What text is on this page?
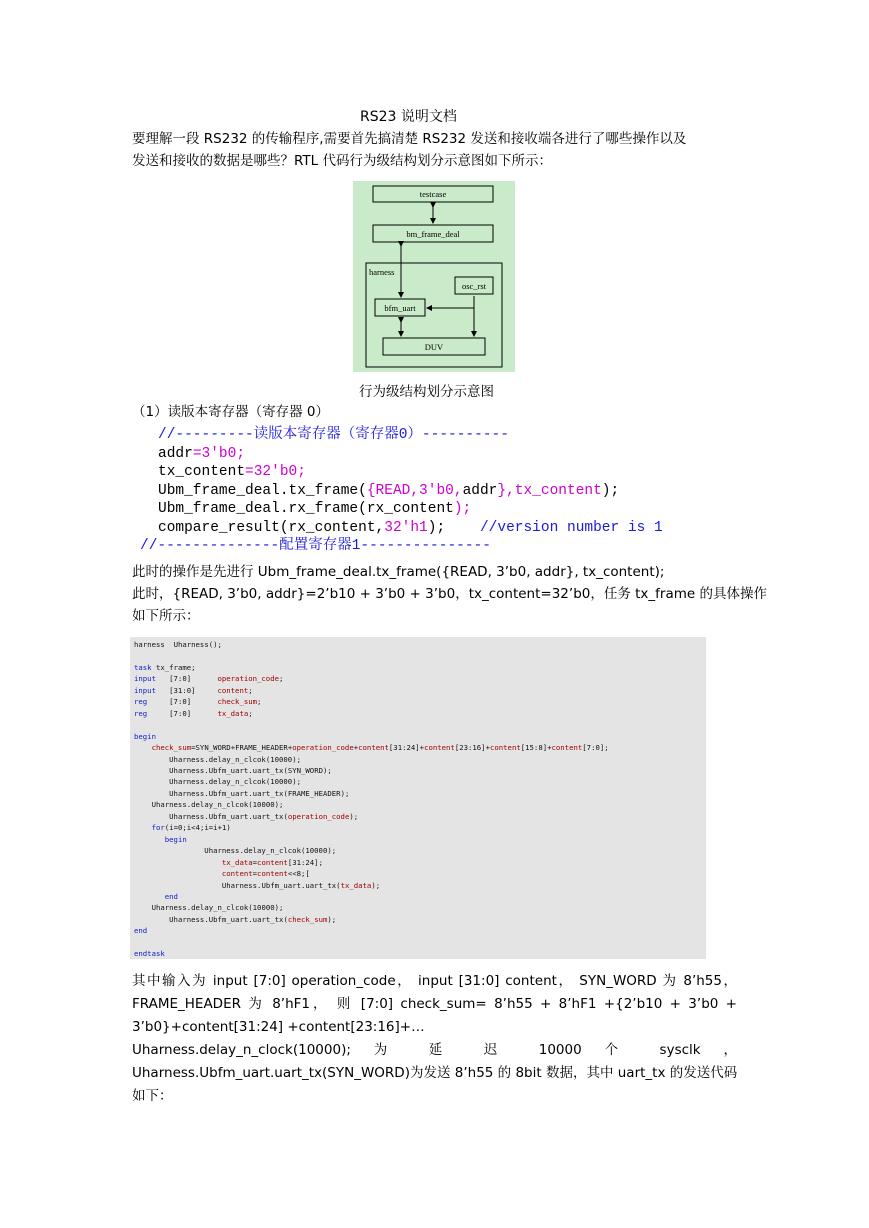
RS23 说明文档
要理解一段 RS232 的传输程序,需要首先搞清楚 RS232 发送和接收端各进行了哪些操作以及
发送和接收的数据是哪些？RTL 代码行为级结构划分示意图如下所示：
testcase
bm_frame_deal
harness
osc_rst
bfm_uart
DUV
行为级结构划分示意图
（1）读版本寄存器（寄存器 0）
//---------读版本寄存器（寄存器0）----------
addr=3'b0;
tx_content=32'b0;
Ubm_frame_deal.tx_frame({READ,3'b0,addr},tx_content);
Ubm_frame_deal.rx_frame(rx_content);
compare_result(rx_content,32'h1);    //version number is 1
//--------------配置寄存器1---------------
此时的操作是先进行 Ubm_frame_deal.tx_frame({READ, 3’b0, addr}, tx_content);
此时，{READ, 3’b0, addr}=2’b10 + 3’b0 + 3’b0，tx_content=32’b0，任务 tx_frame 的具体操作
如下所示：
harness Uharness();

task tx_frame;
input   [7:0]      operation_code;
input   [31:0]     content;
reg     [7:0]      check_sum;
reg     [7:0]      tx_data;

begin
check_sum=SYN_WORD+FRAME_HEADER+operation_code+content[31:24]+content[23:16]+content[15:8]+content[7:0];
Uharness.delay_n_clcok(10000);
Uharness.Ubfm_uart.uart_tx(SYN_WORD);
Uharness.delay_n_clcok(10000);
Uharness.Ubfm_uart.uart_tx(FRAME_HEADER);
Uharness.delay_n_clcok(10000);
Uharness.Ubfm_uart.uart_tx(operation_code);
for(i=0;i<4;i=i+1)
begin
Uharness.delay_n_clcok(10000);
tx_data=content[31:24];
content=content<<8;[
Uharness.Ubfm_uart.uart_tx(tx_data);
end
Uharness.delay_n_clcok(10000);
Uharness.Ubfm_uart.uart_tx(check_sum);
end

endtask
其中输入为 input [7:0] operation_code， input [31:0] content， SYN_WORD 为 8’h55，
FRAME_HEADER 为 8’hF1， 则 [7:0] check_sum= 8’h55 + 8’hF1 +{2’b10 + 3’b0 +
3’b0}+content[31:24] +content[23:16]+…
Uharness.delay_n_clock(10000); 为 延 迟 10000 个 sysclk ，
Uharness.Ubfm_uart.uart_tx(SYN_WORD)为发送 8’h55 的 8bit 数据，其中 uart_tx 的发送代码
如下：
